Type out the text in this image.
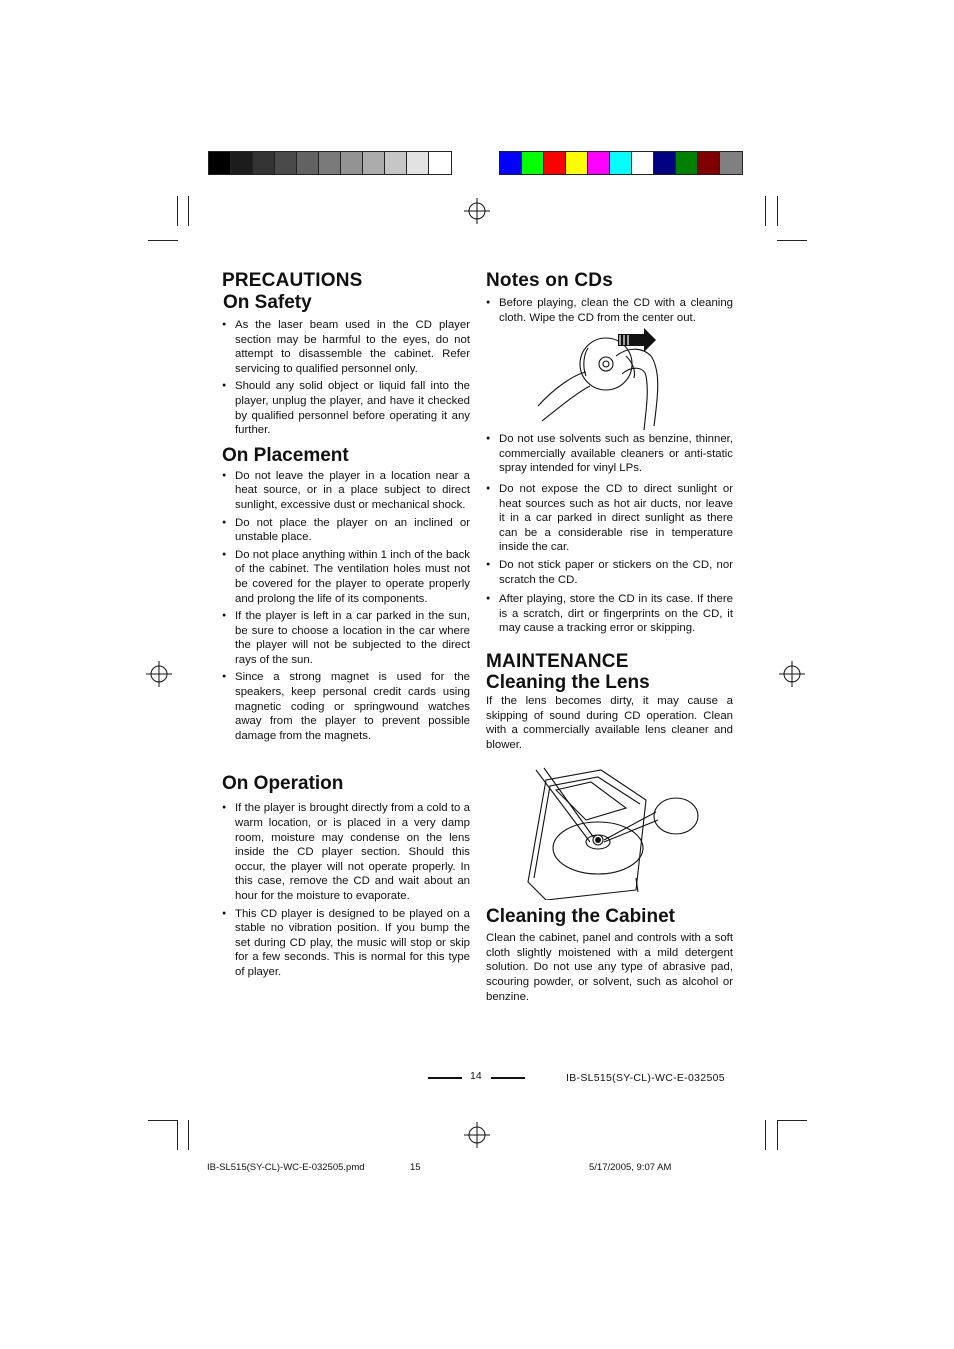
PRECAUTIONS
On Safety

● As the laser beam used in the CD player section may be harmful to the eyes, do not attempt to disassemble the cabinet. Refer servicing to qualified personnel only.

● Should any solid object or liquid fall into the player, unplug the player, and have it checked by qualified personnel before operating it any further.

On Placement

● Do not leave the player in a location near a heat source, or in a place subject to direct sunlight, excessive dust or mechanical shock.

● Do not place the player on an inclined or unstable place.

● Do not place anything within 1 inch of the back of the cabinet. The ventilation holes must not be covered for the player to operate properly and prolong the life of its components.

● If the player is left in a car parked in the sun, be sure to choose a location in the car where the player will not be subjected to the direct rays of the sun.

● Since a strong magnet is used for the speakers, keep personal credit cards using magnetic coding or springwound watches away from the player to prevent possible damage from the magnets.

On Operation

● If the player is brought directly from a cold to a warm location, or is placed in a very damp room, moisture may condense on the lens inside the CD player section. Should this occur, the player will not operate properly. In this case, remove the CD and wait about an hour for the moisture to evaporate.

● This CD player is designed to be played on a stable no vibration position. If you bump the set during CD play, the music will stop or skip for a few seconds. This is normal for this type of player.

Notes on CDs

● Before playing, clean the CD with a cleaning cloth. Wipe the CD from the center out.

● Do not use solvents such as benzine, thinner, commercially available cleaners or anti-static spray intended for vinyl LPs.

● Do not expose the CD to direct sunlight or heat sources such as hot air ducts, nor leave it in a car parked in direct sunlight as there can be a considerable rise in temperature inside the car.

● Do not stick paper or stickers on the CD, nor scratch the CD.

● After playing, store the CD in its case. If there is a scratch, dirt or fingerprints on the CD, it may cause a tracking error or skipping.

MAINTENANCE
Cleaning the Lens

If the lens becomes dirty, it may cause a skipping of sound during CD operation. Clean with a commercially available lens cleaner and blower.

Cleaning the Cabinet

Clean the cabinet, panel and controls with a soft cloth slightly moistened with a mild detergent solution. Do not use any type of abrasive pad, scouring powder, or solvent, such as alcohol or benzine.

14	IB-SL515(SY-CL)-WC-E-032505
IB-SL515(SY-CL)-WC-E-032505.pmd	15	5/17/2005, 9:07 AM
